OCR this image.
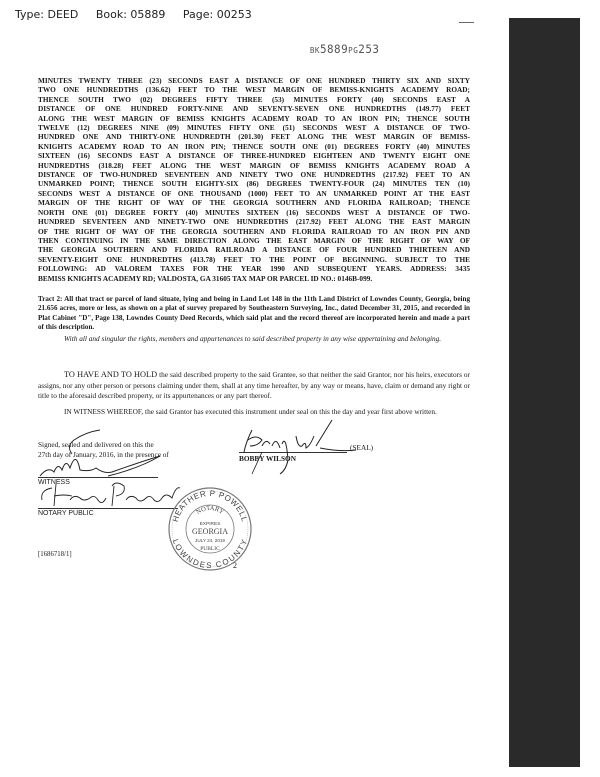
Type: DEED Book: 05889 Page: 00253
BK5889PG253

MINUTES TWENTY THREE (23) SECONDS EAST A DISTANCE OF ONE HUNDRED THIRTY SIX AND SIXTY

TWO ONE HUNDREDTHS (136.62) FEET TO THE WEST MARGIN OF BEMISS-KNIGHTS ACADEMY ROAD;

THENCE SOUTH TWO (02) DEGREES FIFTY THREE (53) MINUTES FORTY (40) SECONDS EAST A

DISTANCE OF ONE HUNDRED FORTY-NINE AND SEVENTY-SEVEN ONE HUNDREDTHS (149.77) FEET

ALONG THE WEST MARGIN OF BEMISS KNIGHTS ACADEMY ROAD TO AN IRON PIN; THENCE SOUTH

TWELVE (12) DEGREES NINE (09) MINUTES FIFTY ONE (51) SECONDS WEST A DISTANCE OF TWO-

HUNDRED ONE AND THIRTY-ONE HUNDREDTH (201.30) FEET ALONG THE WEST MARGIN OF BEMISS-

KNIGHTS ACADEMY ROAD TO AN IRON PIN; THENCE SOUTH ONE (01) DEGREES FORTY (40) MINUTES

SIXTEEN (16) SECONDS EAST A DISTANCE OF THREE-HUNDRED EIGHTEEN AND TWENTY EIGHT ONE

HUNDREDTHS (318.28) FEET ALONG THE WEST MARGIN OF BEMISS KNIGHTS ACADEMY ROAD A

DISTANCE OF TWO-HUNDRED SEVENTEEN AND NINETY TWO ONE HUNDREDTHS (217.92) FEET TO AN

UNMARKED POINT; THENCE SOUTH EIGHTY-SIX (86) DEGREES TWENTY-FOUR (24) MINUTES TEN (10)

SECONDS WEST A DISTANCE OF ONE THOUSAND (1000) FEET TO AN UNMARKED POINT AT THE EAST

MARGIN OF THE RIGHT OF WAY OF THE GEORGIA SOUTHERN AND FLORIDA RAILROAD; THENCE

NORTH ONE (01) DEGREE FORTY (40) MINUTES SIXTEEN (16) SECONDS WEST A DISTANCE OF TWO-

HUNDRED SEVENTEEN AND NINETY-TWO ONE HUNDREDTHS (217.92) FEET ALONG THE EAST MARGIN

OF THE RIGHT OF WAY OF THE GEORGIA SOUTHERN AND FLORIDA RAILROAD TO AN IRON PIN AND

THEN CONTINUING IN THE SAME DIRECTION ALONG THE EAST MARGIN OF THE RIGHT OF WAY OF

THE GEORGIA SOUTHERN AND FLORIDA RAILROAD A DISTANCE OF FOUR HUNDRED THIRTEEN AND

SEVENTY-EIGHT ONE HUNDREDTHS (413.78) FEET TO THE POINT OF BEGINNING. SUBJECT TO THE

FOLLOWING: AD VALOREM TAXES FOR THE YEAR 1990 AND SUBSEQUENT YEARS. ADDRESS: 3435

BEMISS KNIGHTS ACADEMY RD; VALDOSTA, GA 31605 TAX MAP OR PARCEL ID NO.: 0146B-099.

Tract 2: All that tract or parcel of land situate, lying and being in Land Lot 148 in the 11th Land District of Lowndes County, Georgia, being 21.656 acres, more or less, as shown on a plat of survey prepared by Southeastern Surveying, Inc., dated December 31, 2015, and recorded in Plat Cabinet "D", Page 138, Lowndes County Deed Records, which said plat and the record thereof are incorporated herein and made a part of this description.
With all and singular the rights, members and appurtenances to said described property in any wise appertaining and belonging.
TO HAVE AND TO HOLD the said described property to the said Grantee, so that neither the said Grantor, nor his heirs, executors or assigns, nor any other person or persons claiming under them, shall at any time hereafter, by any way or means, have, claim or demand any right or title to the aforesaid described property, or its appurtenances or any part thereof.
IN WITNESS WHEREOF, the said Grantor has executed this instrument under seal on this the day and year first above written.
Signed, sealed and delivered on this the
27th day of January, 2016, in the presence of
WITNESS
NOTARY PUBLIC
(SEAL)
BOBBY WILSON
[1686718/1]
2
HEATHER P POWELL
LOWNDES COUNTY
NOTARY
EXPIRES
GEORGIA
JULY 24, 2019
PUBLIC
